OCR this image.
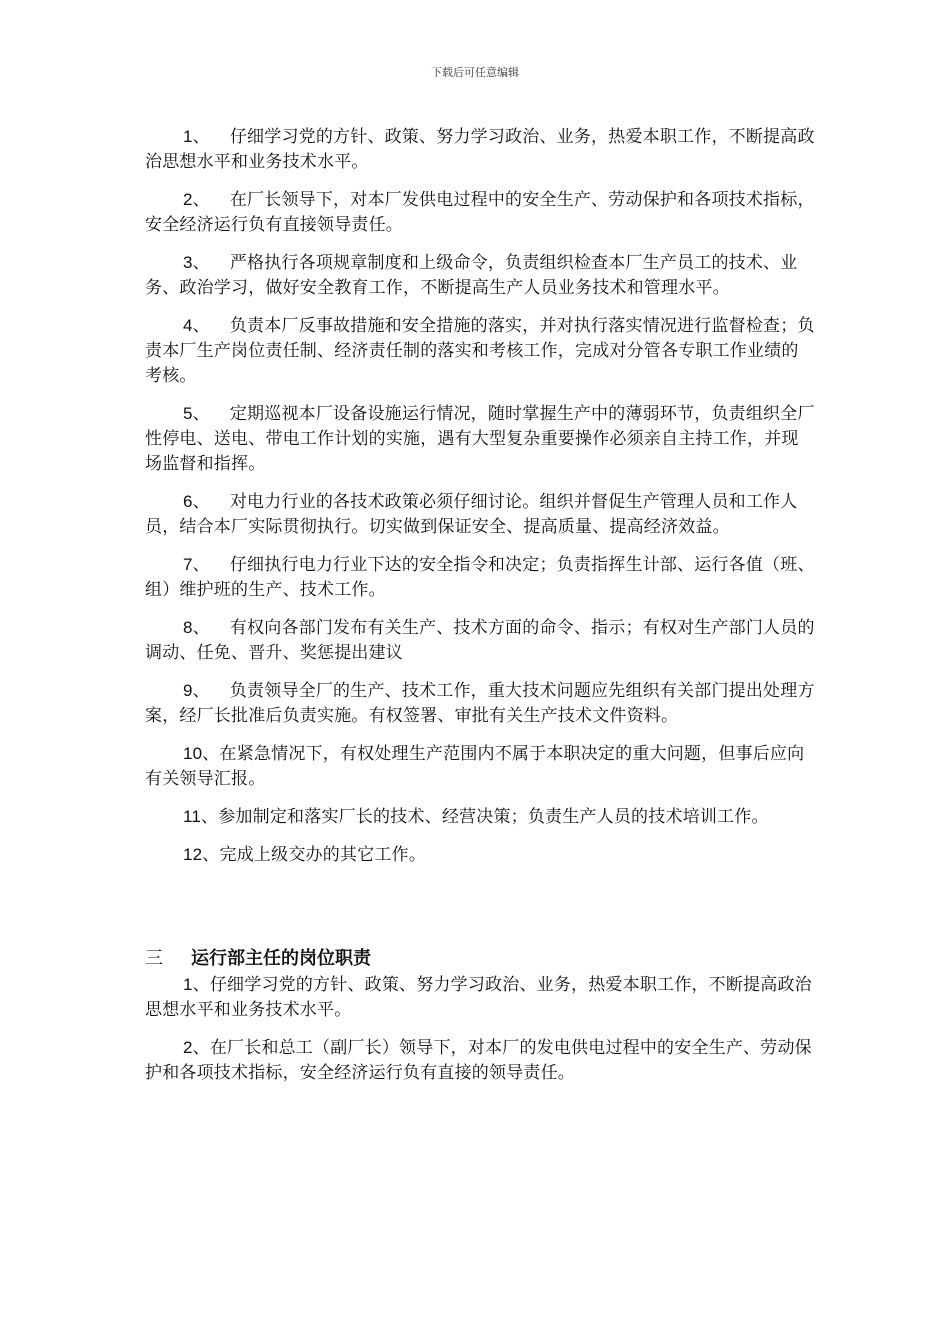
下载后可任意编辑

1、 仔细学习党的方针、政策、努力学习政治、业务，热爱本职工作，不断提高政治思想水平和业务技术水平。

2、 在厂长领导下，对本厂发供电过程中的安全生产、劳动保护和各项技术指标，安全经济运行负有直接领导责任。

3、 严格执行各项规章制度和上级命令，负责组织检查本厂生产员工的技术、业务、政治学习，做好安全教育工作，不断提高生产人员业务技术和管理水平。

4、 负责本厂反事故措施和安全措施的落实，并对执行落实情况进行监督检查；负责本厂生产岗位责任制、经济责任制的落实和考核工作，完成对分管各专职工作业绩的考核。

5、 定期巡视本厂设备设施运行情况，随时掌握生产中的薄弱环节，负责组织全厂性停电、送电、带电工作计划的实施，遇有大型复杂重要操作必须亲自主持工作，并现场监督和指挥。

6、 对电力行业的各技术政策必须仔细讨论。组织并督促生产管理人员和工作人员，结合本厂实际贯彻执行。切实做到保证安全、提高质量、提高经济效益。

7、 仔细执行电力行业下达的安全指令和决定；负责指挥生计部、运行各值（班、组）维护班的生产、技术工作。

8、 有权向各部门发布有关生产、技术方面的命令、指示；有权对生产部门人员的调动、任免、晋升、奖惩提出建议

9、 负责领导全厂的生产、技术工作，重大技术问题应先组织有关部门提出处理方案，经厂长批准后负责实施。有权签署、审批有关生产技术文件资料。

10、在紧急情况下，有权处理生产范围内不属于本职决定的重大问题，但事后应向有关领导汇报。

11、参加制定和落实厂长的技术、经营决策；负责生产人员的技术培训工作。

12、完成上级交办的其它工作。

三 运行部主任的岗位职责

1、仔细学习党的方针、政策、努力学习政治、业务，热爱本职工作，不断提高政治思想水平和业务技术水平。

2、在厂长和总工（副厂长）领导下，对本厂的发电供电过程中的安全生产、劳动保护和各项技术指标，安全经济运行负有直接的领导责任。
